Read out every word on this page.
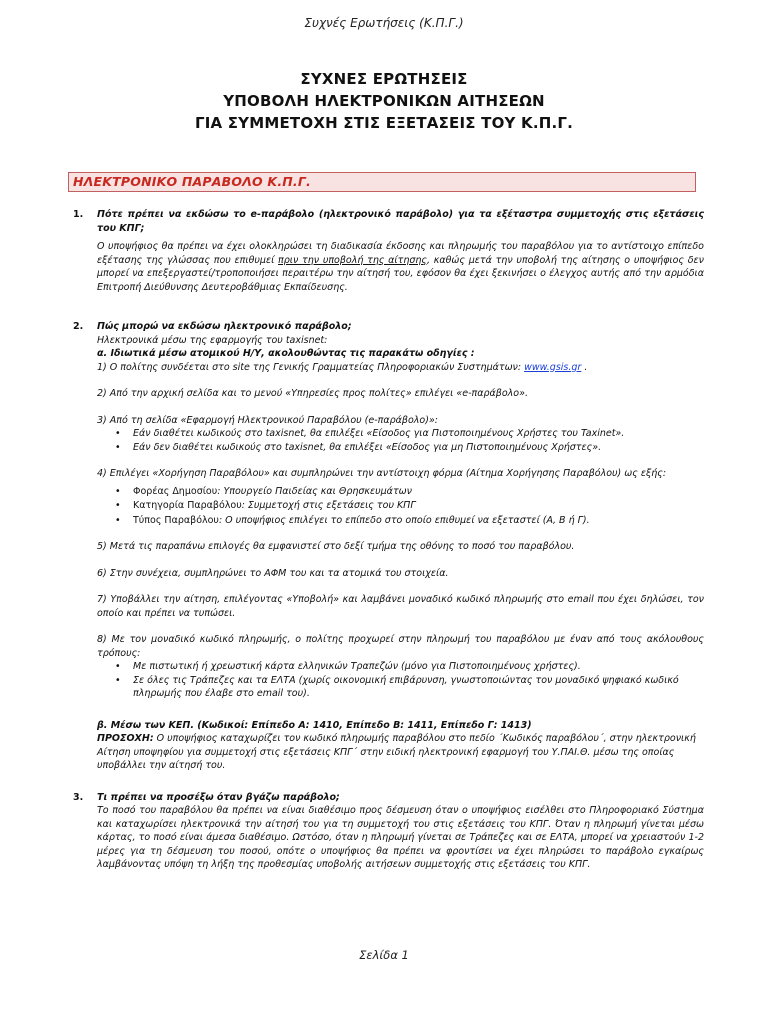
Συχνές Ερωτήσεις (Κ.Π.Γ.)
ΣΥΧΝΕΣ ΕΡΩΤΗΣΕΙΣ
ΥΠΟΒΟΛΗ ΗΛΕΚΤΡΟΝΙΚΩΝ ΑΙΤΗΣΕΩΝ
ΓΙΑ ΣΥΜΜΕΤΟΧΗ ΣΤΙΣ ΕΞΕΤΑΣΕΙΣ ΤΟΥ Κ.Π.Γ.
ΗΛΕΚΤΡΟΝΙΚΟ ΠΑΡΑΒΟΛΟ Κ.Π.Γ.
1. Πότε πρέπει να εκδώσω το e-παράβολο (ηλεκτρονικό παράβολο) για τα εξέταστρα συμμετοχής στις εξετάσεις του ΚΠΓ;
Ο υποψήφιος θα πρέπει να έχει ολοκληρώσει τη διαδικασία έκδοσης και πληρωμής του παραβόλου για το αντίστοιχο επίπεδο εξέτασης της γλώσσας που επιθυμεί πριν την υποβολή της αίτησης, καθώς μετά την υποβολή της αίτησης ο υποψήφιος δεν μπορεί να επεξεργαστεί/τροποποιήσει περαιτέρω την αίτησή του, εφόσον θα έχει ξεκινήσει ο έλεγχος αυτής από την αρμόδια Επιτροπή Διεύθυνσης Δευτεροβάθμιας Εκπαίδευσης.
2. Πώς μπορώ να εκδώσω ηλεκτρονικό παράβολο;
Ηλεκτρονικά μέσω της εφαρμογής του taxisnet:
α. Ιδιωτικά μέσω ατομικού Η/Υ, ακολουθώντας τις παρακάτω οδηγίες :
1) Ο πολίτης συνδέεται στο site της Γενικής Γραμματείας Πληροφοριακών Συστημάτων: www.gsis.gr .
2) Από την αρχική σελίδα και το μενού «Υπηρεσίες προς πολίτες» επιλέγει «e-παράβολο».
3) Από τη σελίδα «Εφαρμογή Ηλεκτρονικού Παραβόλου (e-παράβολο)»:
• Εάν διαθέτει κωδικούς στο taxisnet, θα επιλέξει «Είσοδος για Πιστοποιημένους Χρήστες του Taxinet».
• Εάν δεν διαθέτει κωδικούς στο taxisnet, θα επιλέξει «Είσοδος για μη Πιστοποιημένους Χρήστες».
4) Επιλέγει «Χορήγηση Παραβόλου» και συμπληρώνει την αντίστοιχη φόρμα (Αίτημα Χορήγησης Παραβόλου) ως εξής:
• Φορέας Δημοσίου: Υπουργείο Παιδείας και Θρησκευμάτων
• Κατηγορία Παραβόλου: Συμμετοχή στις εξετάσεις του ΚΠΓ
• Τύπος Παραβόλου: Ο υποψήφιος επιλέγει το επίπεδο στο οποίο επιθυμεί να εξεταστεί (Α, Β ή Γ).
5) Μετά τις παραπάνω επιλογές θα εμφανιστεί στο δεξί τμήμα της οθόνης το ποσό του παραβόλου.
6) Στην συνέχεια, συμπληρώνει το ΑΦΜ του και τα ατομικά του στοιχεία.
7) Υποβάλλει την αίτηση, επιλέγοντας «Υποβολή» και λαμβάνει μοναδικό κωδικό πληρωμής στο email που έχει δηλώσει, τον οποίο και πρέπει να τυπώσει.
8) Με τον μοναδικό κωδικό πληρωμής, ο πολίτης προχωρεί στην πληρωμή του παραβόλου με έναν από τους ακόλουθους τρόπους:
• Με πιστωτική ή χρεωστική κάρτα ελληνικών Τραπεζών (μόνο για Πιστοποιημένους χρήστες).
• Σε όλες τις Τράπεζες και τα ΕΛΤΑ (χωρίς οικονομική επιβάρυνση, γνωστοποιώντας τον μοναδικό ψηφιακό κωδικό πληρωμής που έλαβε στο email του).
β. Μέσω των ΚΕΠ. (Κωδικοί: Επίπεδο Α: 1410, Επίπεδο Β: 1411, Επίπεδο Γ: 1413)
ΠΡΟΣΟΧΗ: Ο υποψήφιος καταχωρίζει τον κωδικό πληρωμής παραβόλου στο πεδίο ΄Κωδικός παραβόλου΄, στην ηλεκτρονική Αίτηση υποψηφίου για συμμετοχή στις εξετάσεις ΚΠΓ΄ στην ειδική ηλεκτρονική εφαρμογή του Υ.ΠΑΙ.Θ. μέσω της οποίας υποβάλλει την αίτησή του.
3. Τι πρέπει να προσέξω όταν βγάζω παράβολο;
Το ποσό του παραβόλου θα πρέπει να είναι διαθέσιμο προς δέσμευση όταν ο υποψήφιος εισέλθει στο Πληροφοριακό Σύστημα και καταχωρίσει ηλεκτρονικά την αίτησή του για τη συμμετοχή του στις εξετάσεις του ΚΠΓ. Όταν η πληρωμή γίνεται μέσω κάρτας, το ποσό είναι άμεσα διαθέσιμο. Ωστόσο, όταν η πληρωμή γίνεται σε Τράπεζες και σε ΕΛΤΑ, μπορεί να χρειαστούν 1-2 μέρες για τη δέσμευση του ποσού, οπότε ο υποψήφιος θα πρέπει να φροντίσει να έχει πληρώσει το παράβολο εγκαίρως λαμβάνοντας υπόψη τη λήξη της προθεσμίας υποβολής αιτήσεων συμμετοχής στις εξετάσεις του ΚΠΓ.
Σελίδα 1
